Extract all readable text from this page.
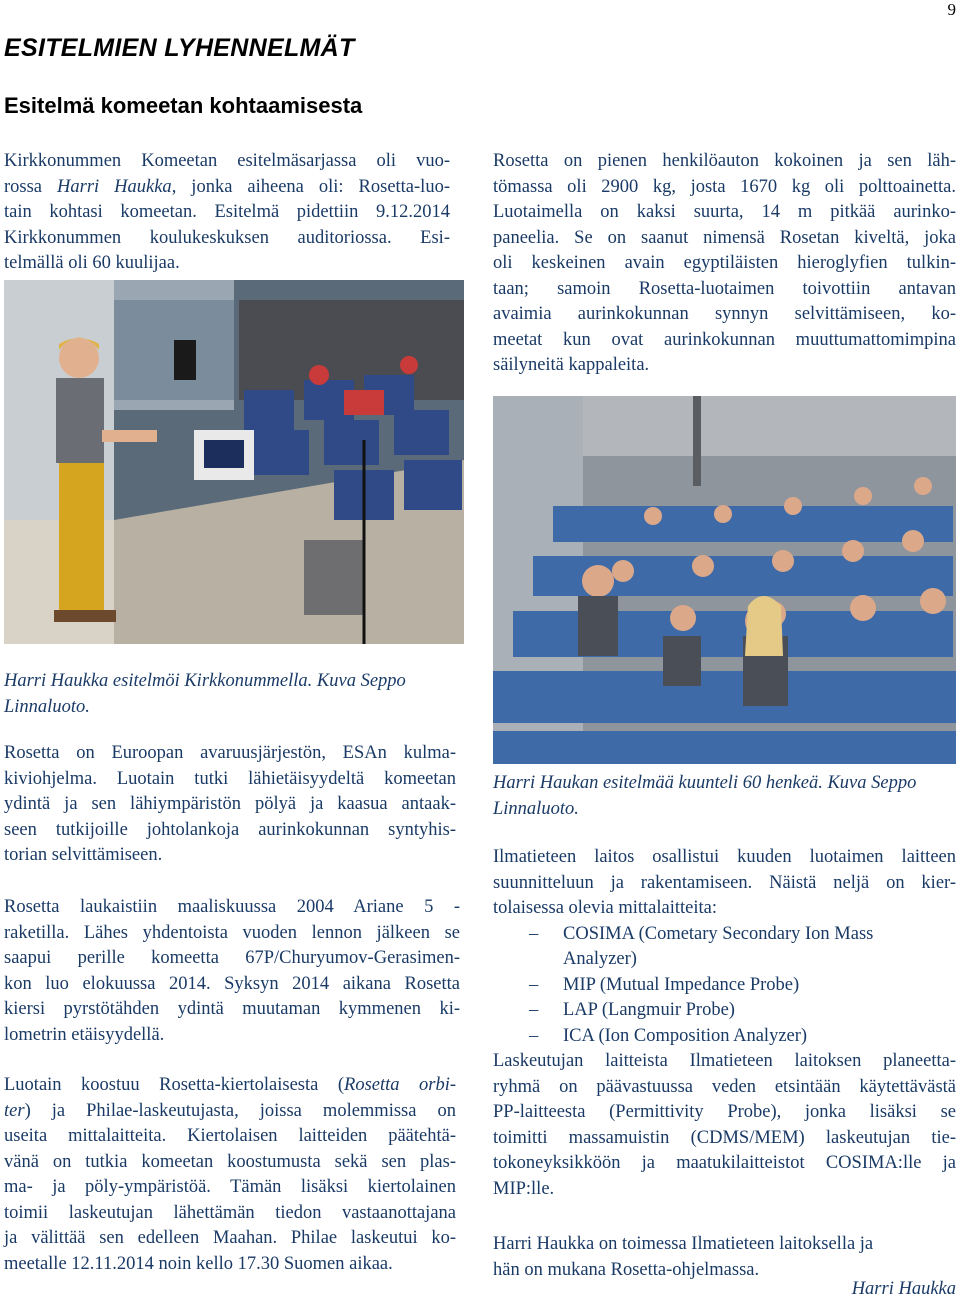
9
ESITELMIEN LYHENNELMÄT
Esitelmä komeetan kohtaamisesta
Kirkkonummen Komeetan esitelmäsarjassa oli vuo-
rossa Harri Haukka, jonka aiheena oli: Rosetta-luo-
tain kohtasi komeetan. Esitelmä pidettiin 9.12.2014
Kirkkonummen koulukeskuksen auditoriossa. Esi-
telmällä oli 60 kuulijaa.
Rosetta on pienen henkilöauton kokoinen ja sen läh-
tömassa oli 2900 kg, josta 1670 kg oli polttoainetta.
Luotaimella on kaksi suurta, 14 m pitkää aurinko-
paneelia. Se on saanut nimensä Rosetan kiveltä, joka
oli keskeinen avain egyptiläisten hieroglyfien tulkin-
taan; samoin Rosetta-luotaimen toivottiin antavan
avaimia aurinkokunnan synnyn selvittämiseen, ko-
meetat kun ovat aurinkokunnan muuttumattomimpina
säilyneitä kappaleita.
Harri Haukka esitelmöi Kirkkonummella. Kuva Seppo
Linnaluoto.
Rosetta on Euroopan avaruusjärjestön, ESAn kulma-
kiviohjelma. Luotain tutki lähietäisyydeltä komeetan
ydintä ja sen lähiympäristön pölyä ja kaasua antaak-
seen tutkijoille johtolankoja aurinkokunnan syntyhis-
torian selvittämiseen.
Rosetta laukaistiin maaliskuussa 2004 Ariane 5 -
raketilla. Lähes yhdentoista vuoden lennon jälkeen se
saapui perille komeetta 67P/Churyumov-Gerasimen-
kon luo elokuussa 2014. Syksyn 2014 aikana Rosetta
kiersi pyrstötähden ydintä muutaman kymmenen ki-
lometrin etäisyydellä.
Luotain koostuu Rosetta-kiertolaisesta (Rosetta orbi-
ter) ja Philae-laskeutujasta, joissa molemmissa on
useita mittalaitteita. Kiertolaisen laitteiden päätehtä-
vänä on tutkia komeetan koostumusta sekä sen plas-
ma- ja pöly-ympäristöä. Tämän lisäksi kiertolainen
toimii laskeutujan lähettämän tiedon vastaanottajana
ja välittää sen edelleen Maahan. Philae laskeutui ko-
meetalle 12.11.2014 noin kello 17.30 Suomen aikaa.
Harri Haukan esitelmää kuunteli 60 henkeä. Kuva Seppo
Linnaluoto.
Ilmatieteen laitos osallistui kuuden luotaimen laitteen
suunnitteluun ja rakentamiseen. Näistä neljä on kier-
tolaisessa olevia mittalaitteita:
– COSIMA (Cometary Secondary Ion Mass
Analyzer)
– MIP (Mutual Impedance Probe)
– LAP (Langmuir Probe)
– ICA (Ion Composition Analyzer)
Laskeutujan laitteista Ilmatieteen laitoksen planeetta-
ryhmä on päävastuussa veden etsintään käytettävästä
PP-laitteesta (Permittivity Probe), jonka lisäksi se
toimitti massamuistin (CDMS/MEM) laskeutujan tie-
tokoneyksikköön ja maatukilaitteistot COSIMA:lle ja
MIP:lle.
Harri Haukka on toimessa Ilmatieteen laitoksella ja
hän on mukana Rosetta-ohjelmassa.
Harri Haukka
